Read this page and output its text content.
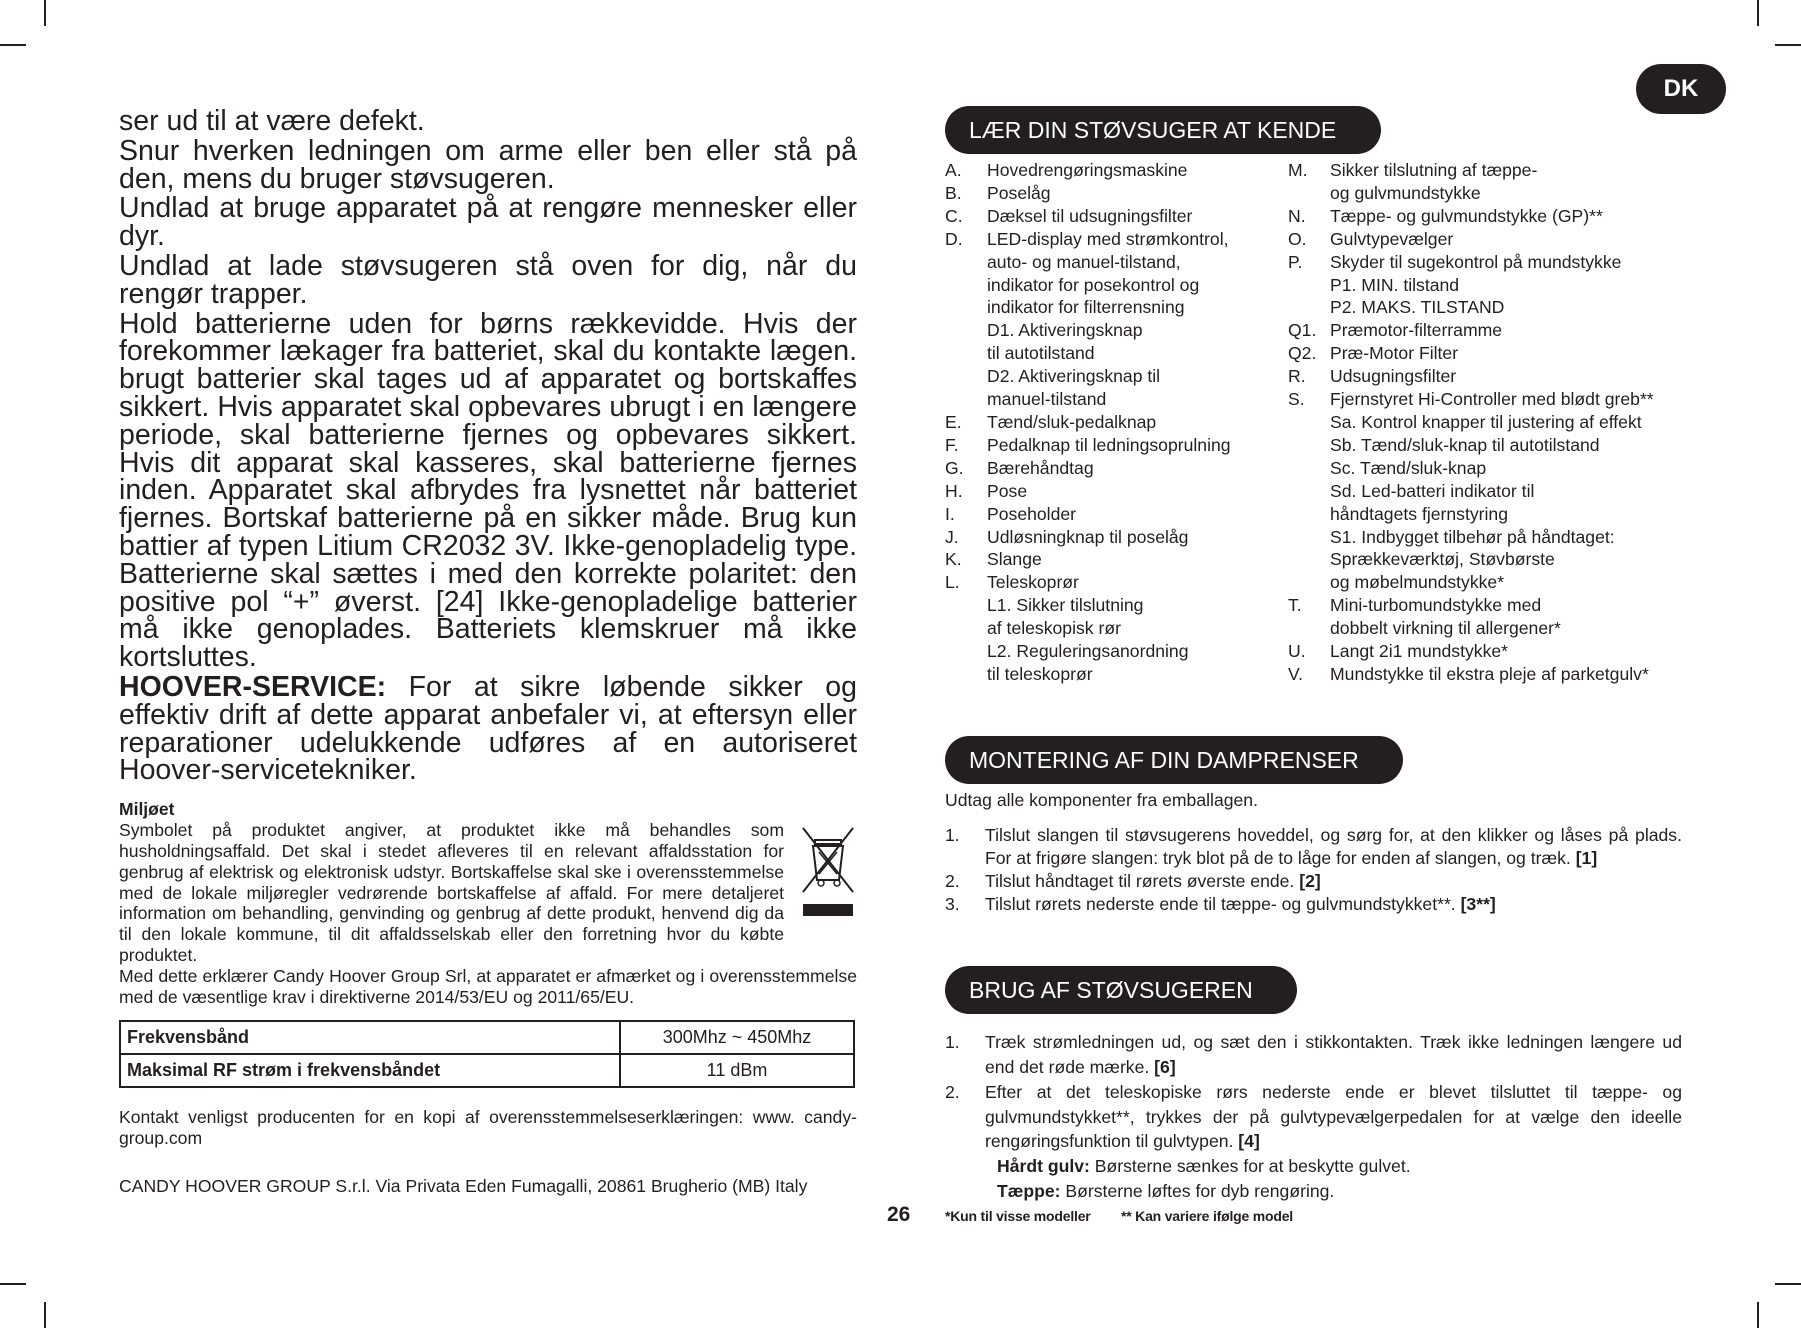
ser ud til at være defekt.

Snur hverken ledningen om arme eller ben eller stå på den, mens du bruger støvsugeren.

Undlad at bruge apparatet på at rengøre mennesker eller dyr.

Undlad at lade støvsugeren stå oven for dig, når du rengør trapper.

Hold batterierne uden for børns rækkevidde. Hvis der forekommer lækager fra batteriet, skal du kontakte lægen. brugt batterier skal tages ud af apparatet og bortskaffes sikkert. Hvis apparatet skal opbevares ubrugt i en længere periode, skal batterierne fjernes og opbevares sikkert. Hvis dit apparat skal kasseres, skal batterierne fjernes inden. Apparatet skal afbrydes fra lysnettet når batteriet fjernes. Bortskaf batterierne på en sikker måde. Brug kun battier af typen Litium CR2032 3V. Ikke-genopladelig type. Batterierne skal sættes i med den korrekte polaritet: den positive pol “+” øverst. [24] Ikke-genopladelige batterier må ikke genoplades. Batteriets klemskruer må ikke kortsluttes.

HOOVER-SERVICE: For at sikre løbende sikker og effektiv drift af dette apparat anbefaler vi, at eftersyn eller reparationer udelukkende udføres af en autoriseret Hoover-servicetekniker.

Miljøet

Symbolet på produktet angiver, at produktet ikke må behandles som husholdningsaffald. Det skal i stedet afleveres til en relevant affaldsstation for genbrug af elektrisk og elektronisk udstyr. Bortskaffelse skal ske i overensstemmelse med de lokale miljøregler vedrørende bortskaffelse af affald. For mere detaljeret information om behandling, genvinding og genbrug af dette produkt, henvend dig da til den lokale kommune, til dit affaldsselskab eller den forretning hvor du købte produktet.

Med dette erklærer Candy Hoover Group Srl, at apparatet er afmærket og i overensstemmelse med de væsentlige krav i direktiverne 2014/53/EU og 2011/65/EU.

Frekvensbånd	300Mhz ~ 450Mhz
Maksimal RF strøm i frekvensbåndet	11 dBm

Kontakt venligst producenten for en kopi af overensstemmelseserklæringen: www. candy-group.com

CANDY HOOVER GROUP S.r.l. Via Privata Eden Fumagalli, 20861 Brugherio (MB) Italy

26 *Kun til visse modeller ** Kan variere ifølge model
DK
LÆR DIN STØVSUGER AT KENDE
A.	Hovedrengøringsmaskine
B.	Poselåg
C.	Dæksel til udsugningsfilter
D.	LED-display med strømkontrol,
auto- og manuel-tilstand,
indikator for posekontrol og
indikator for filterrensning
D1. Aktiveringsknap
til autotilstand
D2. Aktiveringsknap til
manuel-tilstand
E.	Tænd/sluk-pedalknap
F.	Pedalknap til ledningsoprulning
G.	Bærehåndtag
H.	Pose
I.	Poseholder
J.	Udløsningknap til poselåg
K.	Slange
L.	Teleskoprør
L1. Sikker tilslutning
af teleskopisk rør
L2. Reguleringsanordning
til teleskoprør
M.	Sikker tilslutning af tæppe-
og gulvmundstykke
N.	Tæppe- og gulvmundstykke (GP)**
O.	Gulvtypevælger
P.	Skyder til sugekontrol på mundstykke
P1. MIN. tilstand
P2. MAKS. TILSTAND
Q1. Præmotor-filterramme
Q2. Præ-Motor Filter
R.	Udsugningsfilter
S.	Fjernstyret Hi-Controller med blødt greb**
Sa. Kontrol knapper til justering af effekt
Sb. Tænd/sluk-knap til autotilstand
Sc. Tænd/sluk-knap
Sd. Led-batteri indikator til
håndtagets fjernstyring
S1. Indbygget tilbehør på håndtaget:
Sprækkeværktøj, Støvbørste
og møbelmundstykke*
T.	Mini-turbomundstykke med
dobbelt virkning til allergener*
U.	Langt 2i1 mundstykke*
V.	Mundstykke til ekstra pleje af parketgulv*
MONTERING AF DIN DAMPRENSER
Udtag alle komponenter fra emballagen.
1.	Tilslut slangen til støvsugerens hoveddel, og sørg for, at den klikker og låses på plads. For at frigøre slangen: tryk blot på de to låge for enden af slangen, og træk. [1]
2.	Tilslut håndtaget til rørets øverste ende. [2]
3.	Tilslut rørets nederste ende til tæppe- og gulvmundstykket**. [3**]
BRUG AF STØVSUGEREN
1.	Træk strømledningen ud, og sæt den i stikkontakten. Træk ikke ledningen længere ud end det røde mærke. [6]
2.	Efter at det teleskopiske rørs nederste ende er blevet tilsluttet til tæppe- og gulvmundstykket**, trykkes der på gulvtypevælgerpedalen for at vælge den ideelle rengøringsfunktion til gulvtypen. [4]
Hårdt gulv: Børsterne sænkes for at beskytte gulvet.
Tæppe: Børsterne løftes for dyb rengøring.
